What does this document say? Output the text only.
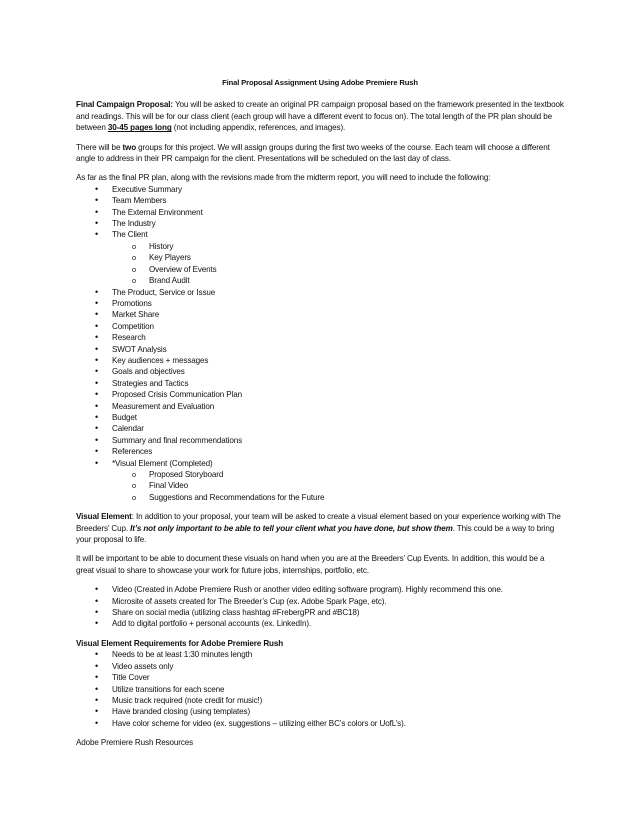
Final Proposal Assignment Using Adobe Premiere Rush

Final Campaign Proposal: You will be asked to create an original PR campaign proposal based on the framework presented in the textbook and readings. This will be for our class client (each group will have a different event to focus on). The total length of the PR plan should be between 30-45 pages long (not including appendix, references, and images).

There will be two groups for this project. We will assign groups during the first two weeks of the course. Each team will choose a different angle to address in their PR campaign for the client. Presentations will be scheduled on the last day of class.

As far as the final PR plan, along with the revisions made from the midterm report, you will need to include the following:

• Executive Summary
• Team Members
• The External Environment
• The Industry
• The Client
o History
o Key Players
o Overview of Events
o Brand Audit
• The Product, Service or Issue
• Promotions
• Market Share
• Competition
• Research
• SWOT Analysis
• Key audiences + messages
• Goals and objectives
• Strategies and Tactics
• Proposed Crisis Communication Plan
• Measurement and Evaluation
• Budget
• Calendar
• Summary and final recommendations
• References
• *Visual Element (Completed)
o Proposed Storyboard
o Final Video
o Suggestions and Recommendations for the Future

Visual Element: In addition to your proposal, your team will be asked to create a visual element based on your experience working with The Breeders’ Cup. It’s not only important to be able to tell your client what you have done, but show them. This could be a way to bring your proposal to life.

It will be important to be able to document these visuals on hand when you are at the Breeders’ Cup Events. In addition, this would be a great visual to share to showcase your work for future jobs, internships, portfolio, etc.

• Video (Created in Adobe Premiere Rush or another video editing software program). Highly recommend this one.
• Microsite of assets created for The Breeder’s Cup (ex. Adobe Spark Page, etc).
• Share on social media (utilizing class hashtag #FrebergPR and #BC18)
• Add to digital portfolio + personal accounts (ex. LinkedIn).

Visual Element Requirements for Adobe Premiere Rush

• Needs to be at least 1:30 minutes length
• Video assets only
• Title Cover
• Utilize transitions for each scene
• Music track required (note credit for music!)
• Have branded closing (using templates)
• Have color scheme for video (ex. suggestions – utilizing either BC’s colors or UofL’s).

Adobe Premiere Rush Resources
